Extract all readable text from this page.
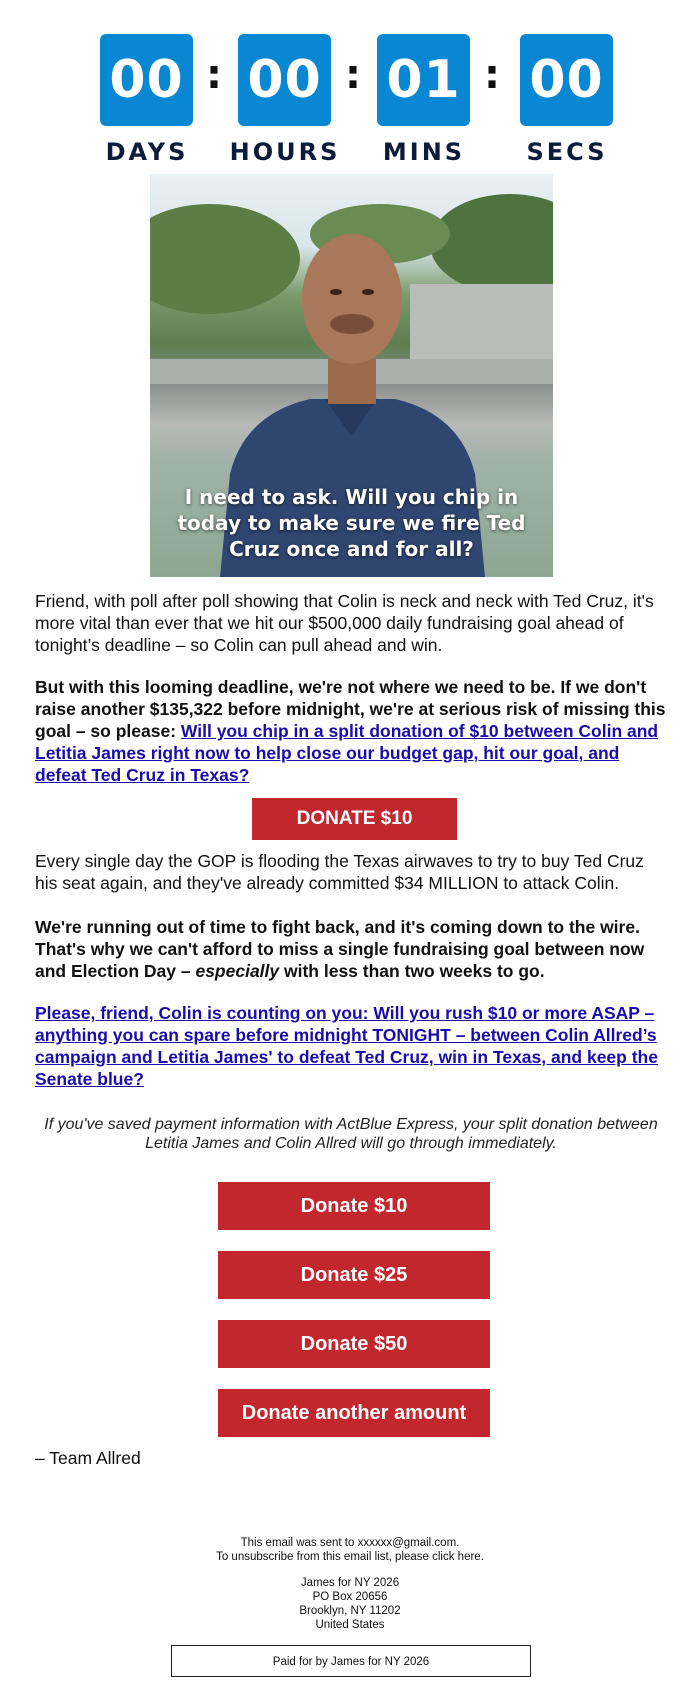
00 : 00 : 01 : 00
DAYS	HOURS	MINS	SECS
I need to ask. Will you chip in today to make sure we fire Ted Cruz once and for all?

Friend, with poll after poll showing that Colin is neck and neck with Ted Cruz, it's more vital than ever that we hit our $500,000 daily fundraising goal ahead of tonight’s deadline – so Colin can pull ahead and win.

But with this looming deadline, we're not where we need to be. If we don't raise another $135,322 before midnight, we're at serious risk of missing this goal – so please: Will you chip in a split donation of $10 between Colin and Letitia James right now to help close our budget gap, hit our goal, and defeat Ted Cruz in Texas?

DONATE $10

Every single day the GOP is flooding the Texas airwaves to try to buy Ted Cruz his seat again, and they've already committed $34 MILLION to attack Colin.

We're running out of time to fight back, and it's coming down to the wire. That's why we can't afford to miss a single fundraising goal between now and Election Day – especially with less than two weeks to go.

Please, friend, Colin is counting on you: Will you rush $10 or more ASAP – anything you can spare before midnight TONIGHT – between Colin Allred’s campaign and Letitia James' to defeat Ted Cruz, win in Texas, and keep the Senate blue?

If you've saved payment information with ActBlue Express, your split donation between Letitia James and Colin Allred will go through immediately.
Donate $10
Donate $25
Donate $50
Donate another amount
– Team Allred
This email was sent to xxxxxx@gmail.com.
To unsubscribe from this email list, please click here.
James for NY 2026
PO Box 20656
Brooklyn, NY 11202
United States
Paid for by James for NY 2026
